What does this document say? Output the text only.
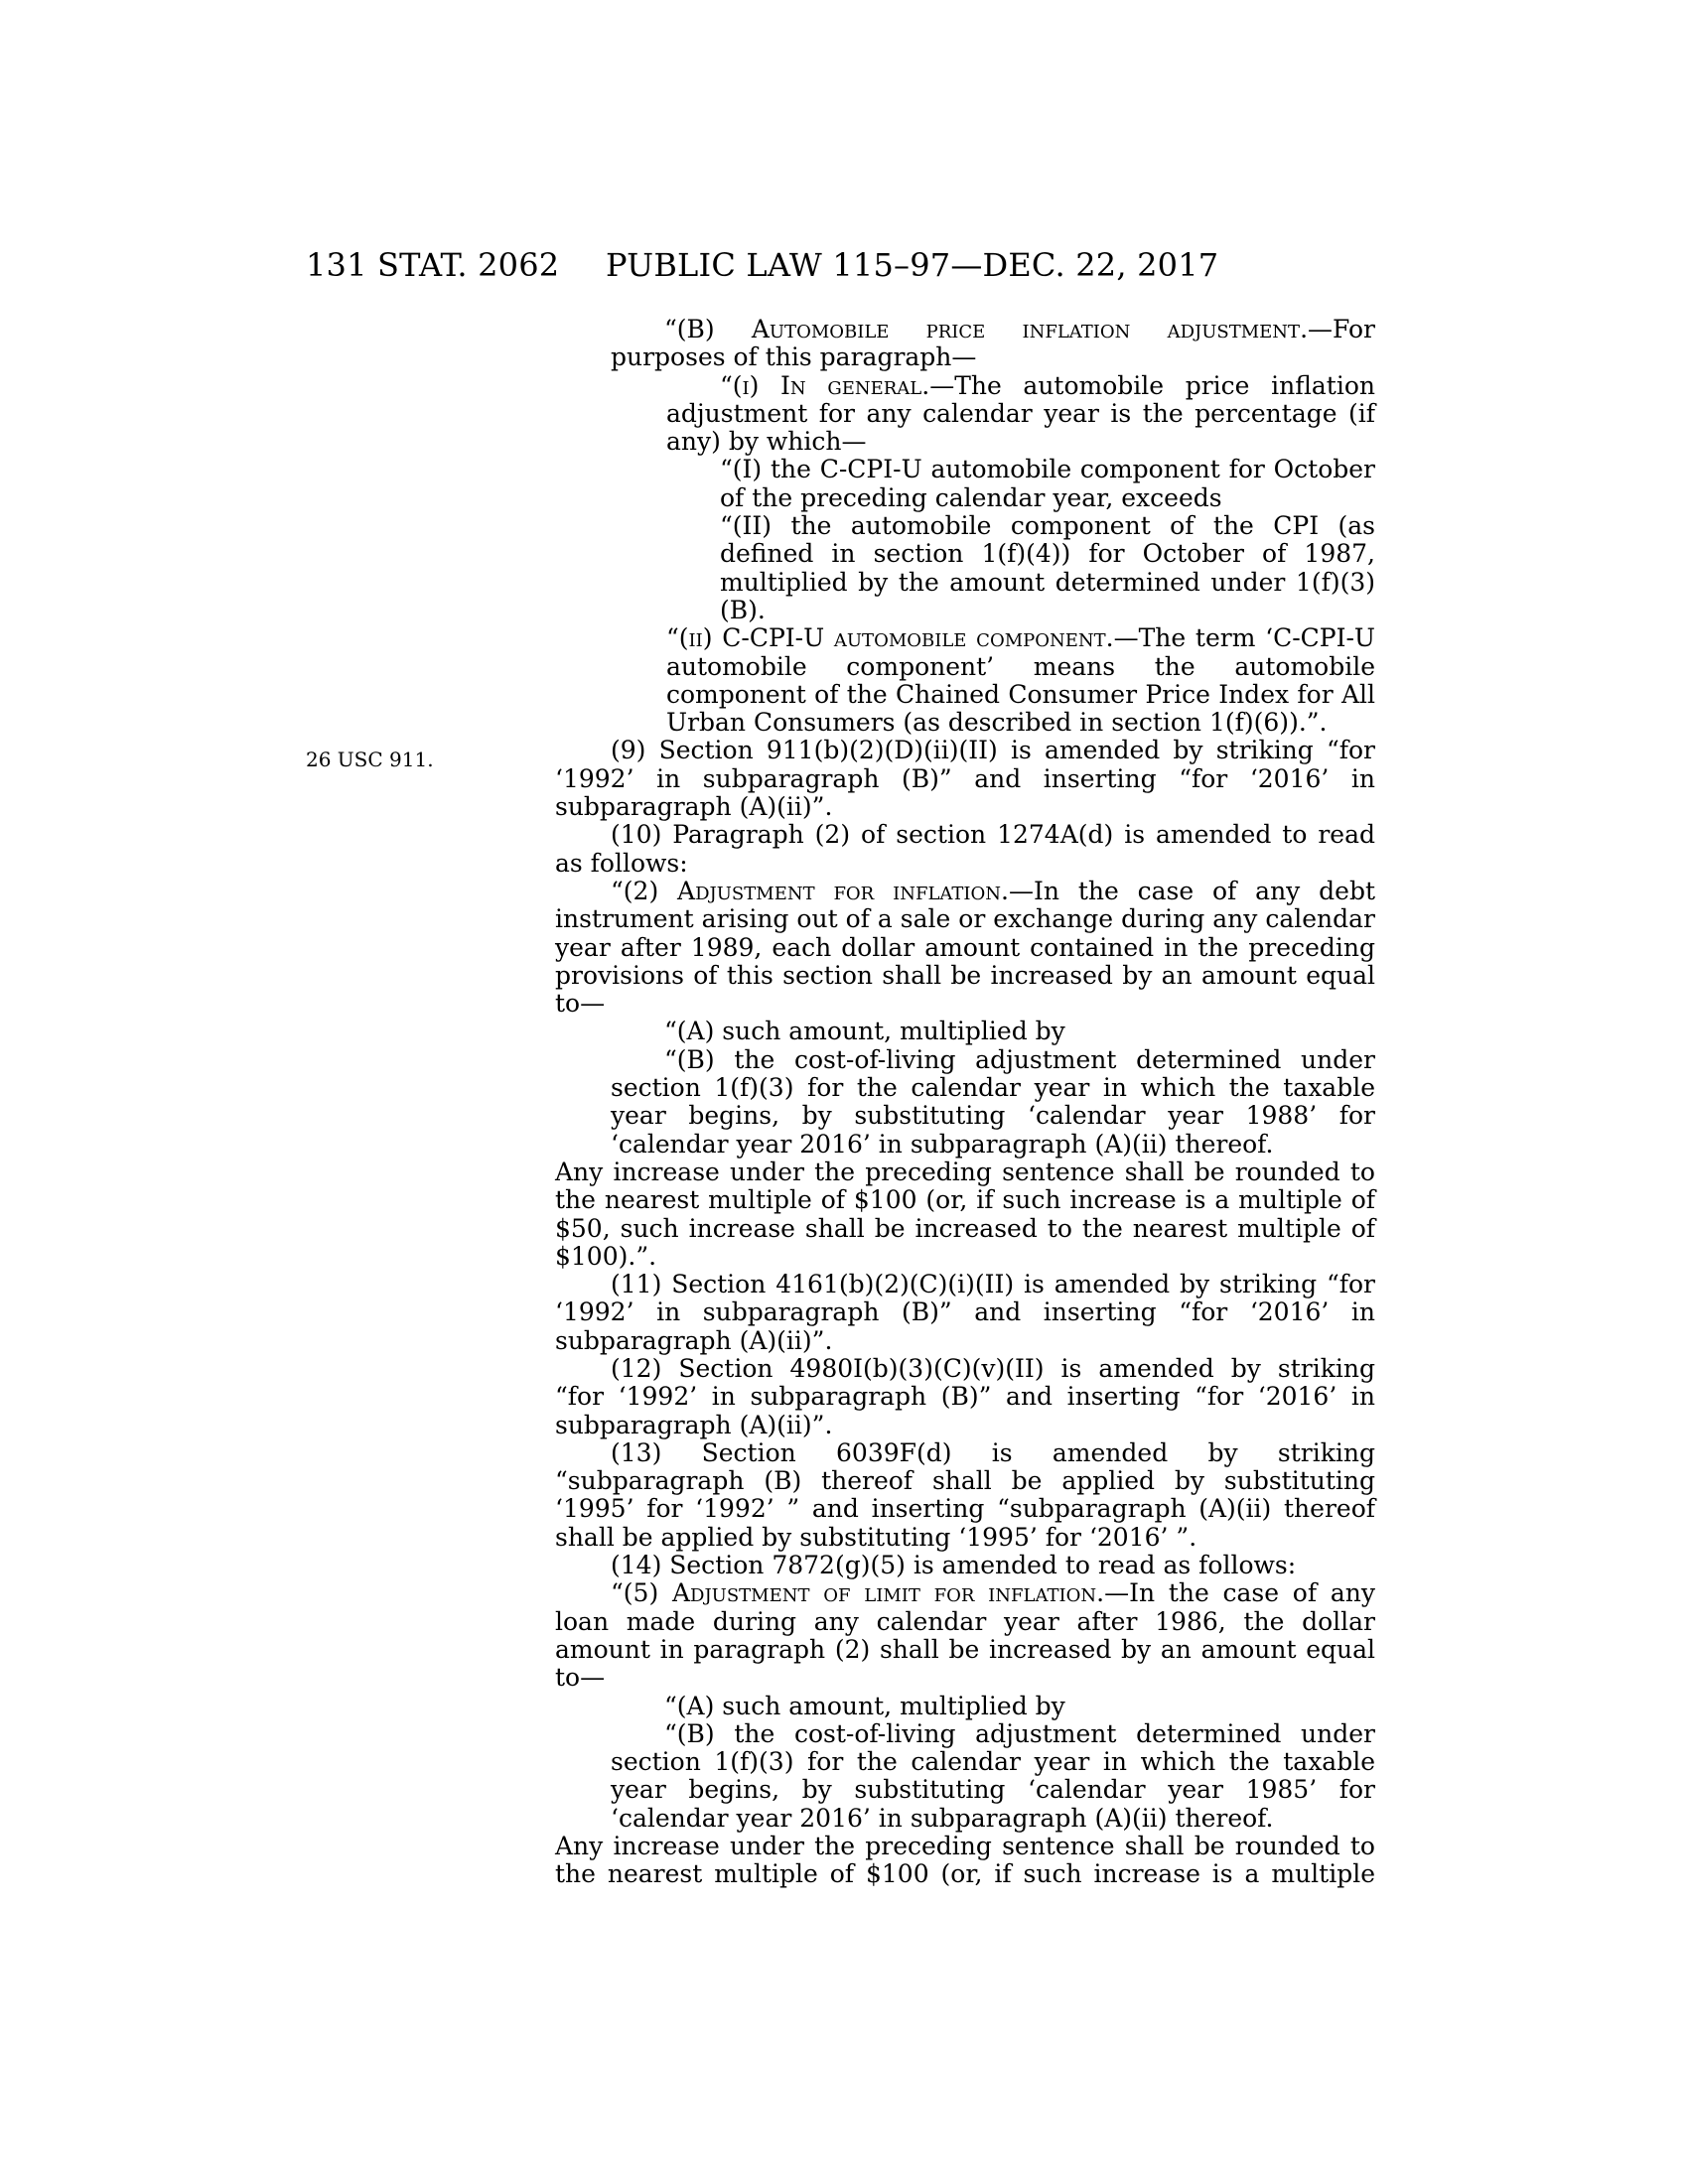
131 STAT. 2062 PUBLIC LAW 115–97—DEC. 22, 2017
26 USC 911.

“(B) Automobile price inflation adjustment.—For purposes of this paragraph—

“(i) In general.—The automobile price inflation adjustment for any calendar year is the percentage (if any) by which—

“(I) the C-CPI-U automobile component for October of the preceding calendar year, exceeds

“(II) the automobile component of the CPI (as defined in section 1(f)(4)) for October of 1987, multiplied by the amount determined under 1(f)(3)(B).

“(ii) C-CPI-U automobile component.—The term ‘C-CPI-U automobile component’ means the automobile component of the Chained Consumer Price Index for All Urban Consumers (as described in section 1(f)(6)).”.

(9) Section 911(b)(2)(D)(ii)(II) is amended by striking “for ‘1992’ in subparagraph (B)” and inserting “for ‘2016’ in subparagraph (A)(ii)”.

(10) Paragraph (2) of section 1274A(d) is amended to read as follows:

“(2) Adjustment for inflation.—In the case of any debt instrument arising out of a sale or exchange during any calendar year after 1989, each dollar amount contained in the preceding provisions of this section shall be increased by an amount equal to—

“(A) such amount, multiplied by

“(B) the cost-of-living adjustment determined under section 1(f)(3) for the calendar year in which the taxable year begins, by substituting ‘calendar year 1988’ for ‘calendar year 2016’ in subparagraph (A)(ii) thereof.

Any increase under the preceding sentence shall be rounded to the nearest multiple of $100 (or, if such increase is a multiple of $50, such increase shall be increased to the nearest multiple of $100).”.

(11) Section 4161(b)(2)(C)(i)(II) is amended by striking “for ‘1992’ in subparagraph (B)” and inserting “for ‘2016’ in subparagraph (A)(ii)”.

(12) Section 4980I(b)(3)(C)(v)(II) is amended by striking “for ‘1992’ in subparagraph (B)” and inserting “for ‘2016’ in subparagraph (A)(ii)”.

(13) Section 6039F(d) is amended by striking “subparagraph (B) thereof shall be applied by substituting ‘1995’ for ‘1992’ ” and inserting “subparagraph (A)(ii) thereof shall be applied by substituting ‘1995’ for ‘2016’ ”.

(14) Section 7872(g)(5) is amended to read as follows:

“(5) Adjustment of limit for inflation.—In the case of any loan made during any calendar year after 1986, the dollar amount in paragraph (2) shall be increased by an amount equal to—

“(A) such amount, multiplied by

“(B) the cost-of-living adjustment determined under section 1(f)(3) for the calendar year in which the taxable year begins, by substituting ‘calendar year 1985’ for ‘calendar year 2016’ in subparagraph (A)(ii) thereof.

Any increase under the preceding sentence shall be rounded to the nearest multiple of $100 (or, if such increase is a multiple
